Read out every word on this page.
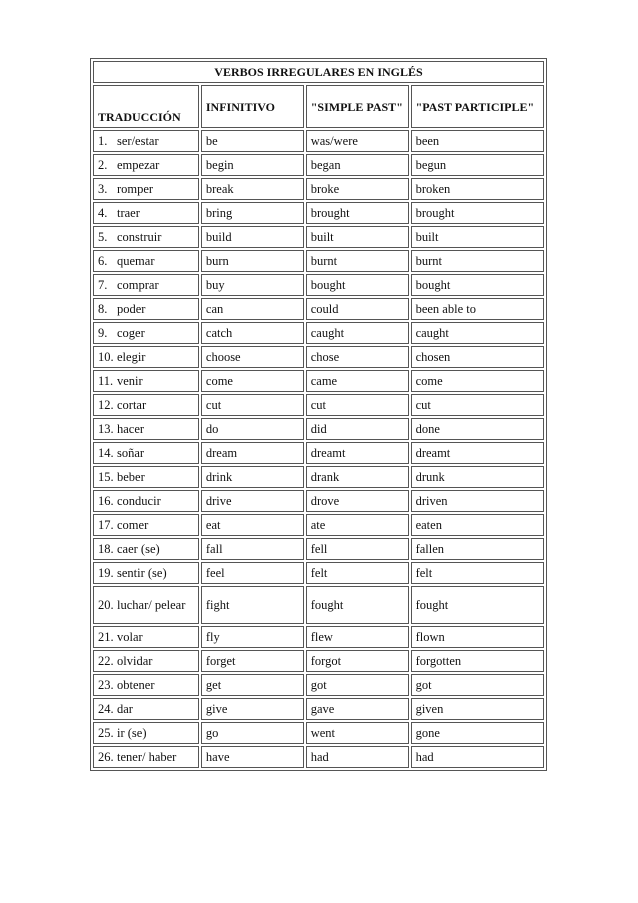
VERBOS IRREGULARES EN INGLÉS			
TRADUCCIÓN	INFINITIVO	"SIMPLE PAST"	"PAST PARTICIPLE"
1. ser/estar	be	was/were	been
2. empezar	begin	began	begun
3. romper	break	broke	broken
4. traer	bring	brought	brought
5. construir	build	built	built
6. quemar	burn	burnt	burnt
7. comprar	buy	bought	bought
8. poder	can	could	been able to
9. coger	catch	caught	caught
10. elegir	choose	chose	chosen
11. venir	come	came	come
12. cortar	cut	cut	cut
13. hacer	do	did	done
14. soñar	dream	dreamt	dreamt
15. beber	drink	drank	drunk
16. conducir	drive	drove	driven
17. comer	eat	ate	eaten
18. caer (se)	fall	fell	fallen
19. sentir (se)	feel	felt	felt
20. luchar/ pelear	fight	fought	fought
21. volar	fly	flew	flown
22. olvidar	forget	forgot	forgotten
23. obtener	get	got	got
24. dar	give	gave	given
25. ir (se)	go	went	gone
26. tener/ haber	have	had	had
